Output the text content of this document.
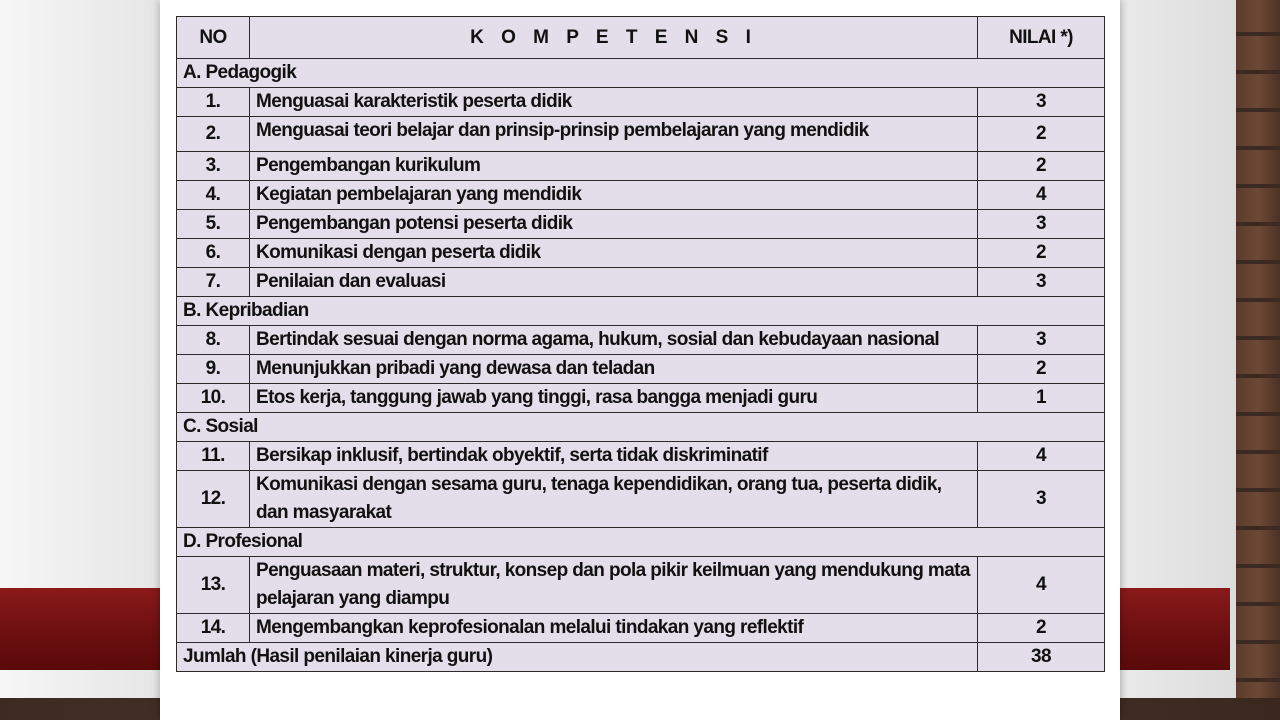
NO	K O M P E T E N S I	NILAI *)
A. Pedagogik		
1.	Menguasai karakteristik peserta didik	3
2.	Menguasai teori belajar dan prinsip-prinsip pembelajaran yang mendidik	2
3.	Pengembangan kurikulum	2
4.	Kegiatan pembelajaran yang mendidik	4
5.	Pengembangan potensi peserta didik	3
6.	Komunikasi dengan peserta didik	2
7.	Penilaian dan evaluasi	3
B. Kepribadian		
8.	Bertindak sesuai dengan norma agama, hukum, sosial dan kebudayaan nasional	3
9.	Menunjukkan pribadi yang dewasa dan teladan	2
10.	Etos kerja, tanggung jawab yang tinggi, rasa bangga menjadi guru	1
C. Sosial		
11.	Bersikap inklusif, bertindak obyektif, serta tidak diskriminatif	4
12.	Komunikasi dengan sesama guru, tenaga kependidikan, orang tua, peserta didik, dan masyarakat	3
D. Profesional		
13.	Penguasaan materi, struktur, konsep dan pola pikir keilmuan yang mendukung mata pelajaran yang diampu	4
14.	Mengembangkan keprofesionalan melalui tindakan yang reflektif	2
Jumlah (Hasil penilaian kinerja guru)		38
